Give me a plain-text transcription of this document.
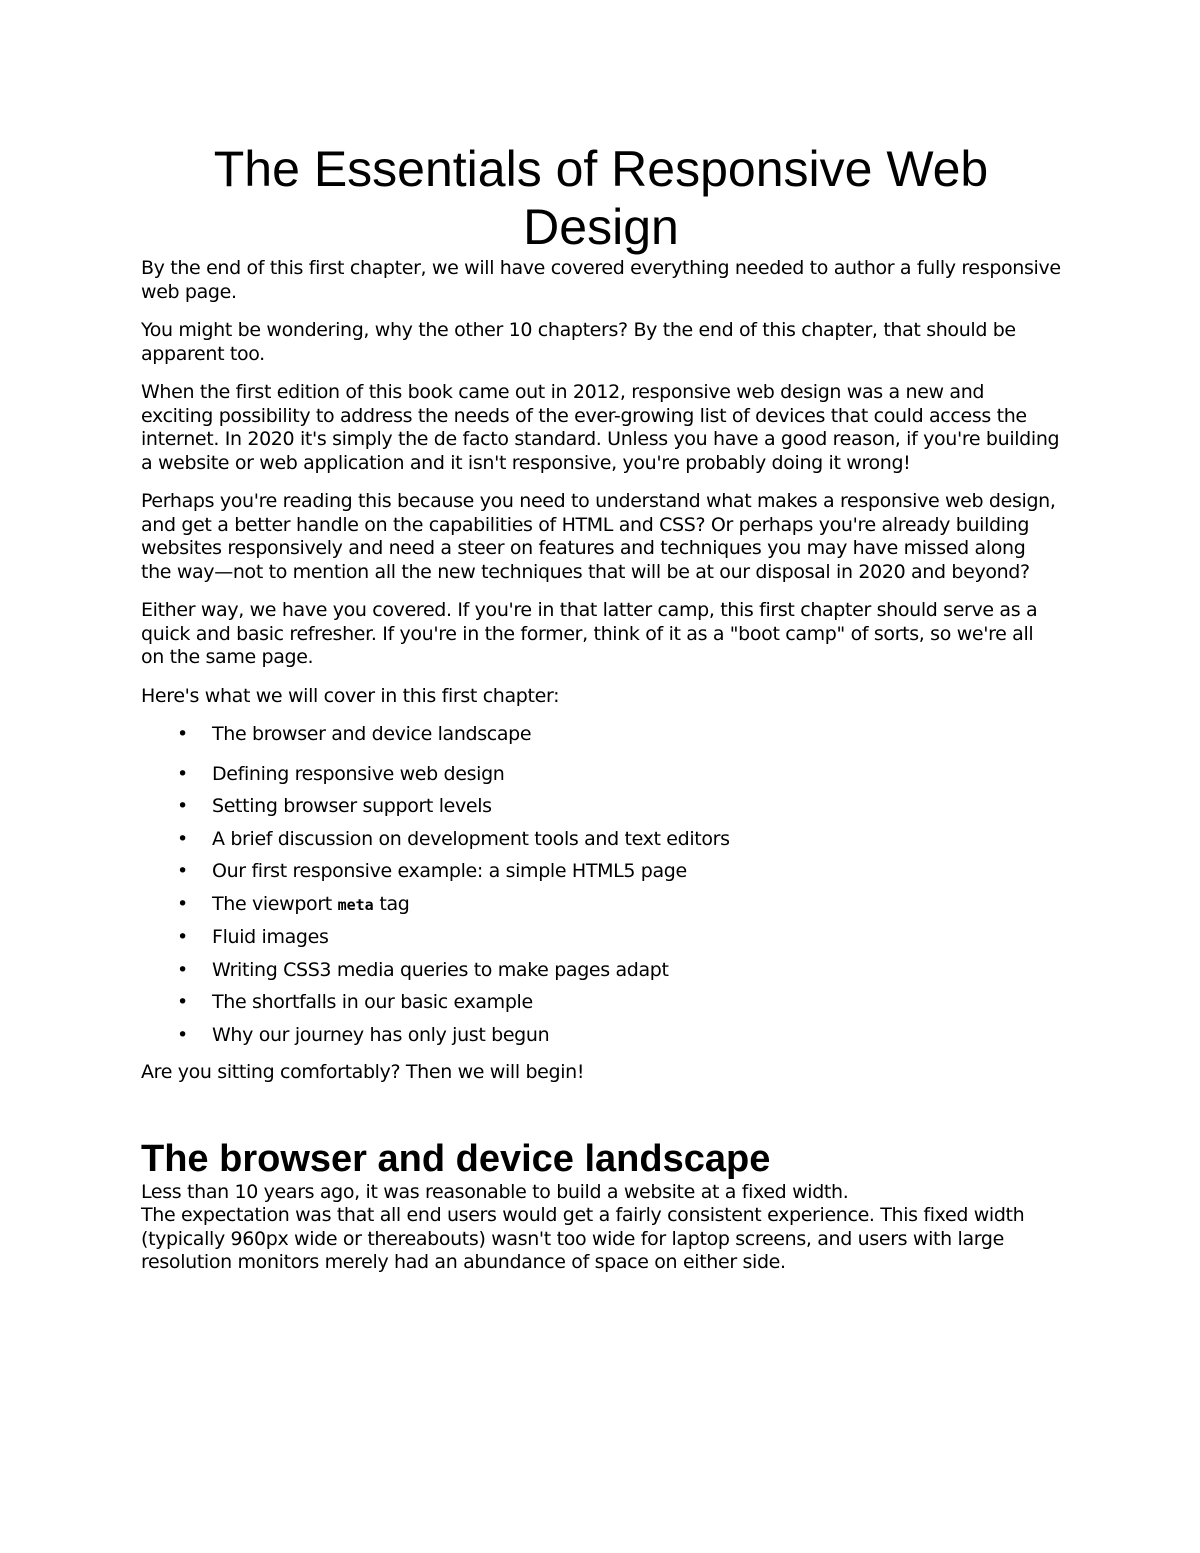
The Essentials of Responsive Web Design

By the end of this first chapter, we will have covered everything needed to author a fully responsive web page.

You might be wondering, why the other 10 chapters? By the end of this chapter, that should be apparent too.

When the first edition of this book came out in 2012, responsive web design was a new and exciting possibility to address the needs of the ever-growing list of devices that could access the internet. In 2020 it's simply the de facto standard. Unless you have a good reason, if you're building a website or web application and it isn't responsive, you're probably doing it wrong!

Perhaps you're reading this because you need to understand what makes a responsive web design, and get a better handle on the capabilities of HTML and CSS? Or perhaps you're already building websites responsively and need a steer on features and techniques you may have missed along the way—not to mention all the new techniques that will be at our disposal in 2020 and beyond?

Either way, we have you covered. If you're in that latter camp, this first chapter should serve as a quick and basic refresher. If you're in the former, think of it as a "boot camp" of sorts, so we're all on the same page.

Here's what we will cover in this first chapter:

• The browser and device landscape
• Defining responsive web design
• Setting browser support levels
• A brief discussion on development tools and text editors
• Our first responsive example: a simple HTML5 page
• The viewport meta tag
• Fluid images
• Writing CSS3 media queries to make pages adapt
• The shortfalls in our basic example
• Why our journey has only just begun

Are you sitting comfortably? Then we will begin!

The browser and device landscape

Less than 10 years ago, it was reasonable to build a website at a fixed width.

The expectation was that all end users would get a fairly consistent experience. This fixed width (typically 960px wide or thereabouts) wasn't too wide for laptop screens, and users with large resolution monitors merely had an abundance of space on either side.
